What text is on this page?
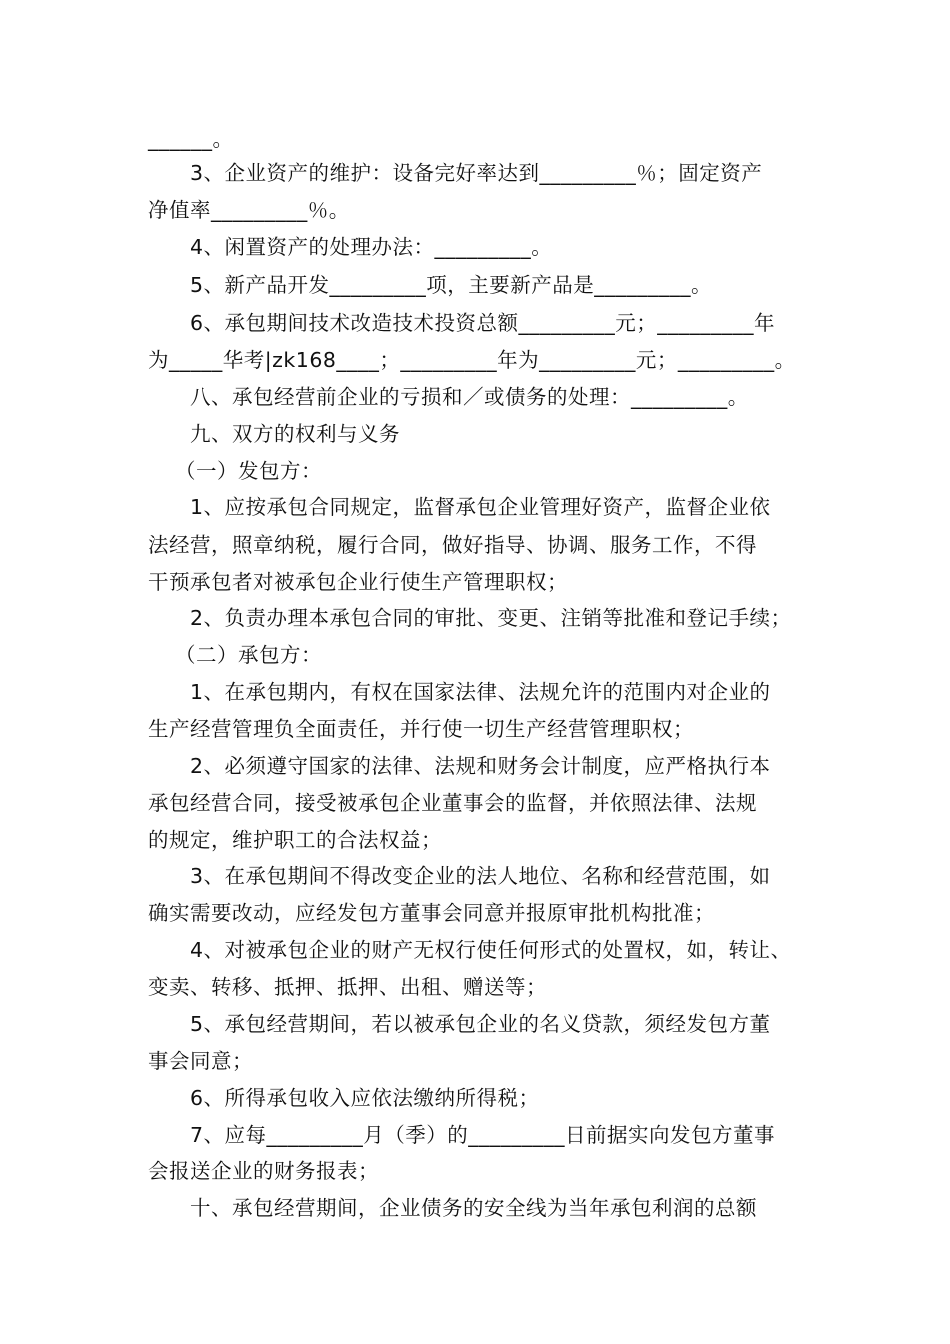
______。
3、企业资产的维护：设备完好率达到_________％；固定资产
净值率_________％。
4、闲置资产的处理办法：_________。
5、新产品开发_________项，主要新产品是_________。
6、承包期间技术改造技术投资总额_________元；_________年
为_____华考|zk168____；_________年为_________元；_________。
八、承包经营前企业的亏损和／或债务的处理：_________。
九、双方的权利与义务
（一）发包方：
1、应按承包合同规定，监督承包企业管理好资产，监督企业依
法经营，照章纳税，履行合同，做好指导、协调、服务工作，不得
干预承包者对被承包企业行使生产管理职权；
2、负责办理本承包合同的审批、变更、注销等批准和登记手续；
（二）承包方：
1、在承包期内，有权在国家法律、法规允许的范围内对企业的
生产经营管理负全面责任，并行使一切生产经营管理职权；
2、必须遵守国家的法律、法规和财务会计制度，应严格执行本
承包经营合同，接受被承包企业董事会的监督，并依照法律、法规
的规定，维护职工的合法权益；
3、在承包期间不得改变企业的法人地位、名称和经营范围，如
确实需要改动，应经发包方董事会同意并报原审批机构批准；
4、对被承包企业的财产无权行使任何形式的处置权，如，转让、
变卖、转移、抵押、抵押、出租、赠送等；
5、承包经营期间，若以被承包企业的名义贷款，须经发包方董
事会同意；
6、所得承包收入应依法缴纳所得税；
7、应每_________月（季）的_________日前据实向发包方董事
会报送企业的财务报表；
十、承包经营期间，企业债务的安全线为当年承包利润的总额
